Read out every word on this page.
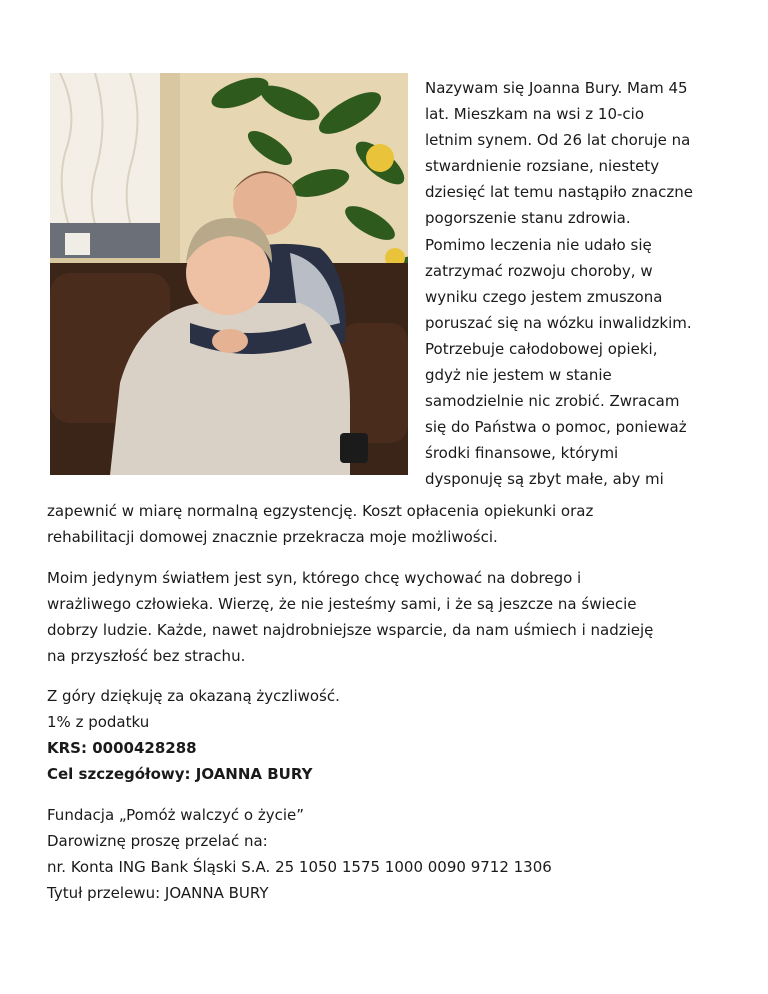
Nazywam się Joanna Bury. Mam 45
lat. Mieszkam na wsi z 10-cio
letnim synem. Od 26 lat choruje na
stwardnienie rozsiane, niestety
dziesięć lat temu nastąpiło znaczne
pogorszenie stanu zdrowia.
Pomimo leczenia nie udało się
zatrzymać rozwoju choroby, w
wyniku czego jestem zmuszona
poruszać się na wózku inwalidzkim.
Potrzebuje całodobowej opieki,
gdyż nie jestem w stanie
samodzielnie nic zrobić. Zwracam
się do Państwa o pomoc, ponieważ
środki finansowe, którymi
dysponuję są zbyt małe, aby mi
zapewnić w miarę normalną egzystencję. Koszt opłacenia opiekunki oraz
rehabilitacji domowej znacznie przekracza moje możliwości.
Moim jedynym światłem jest syn, którego chcę wychować na dobrego i
wrażliwego człowieka. Wierzę, że nie jesteśmy sami, i że są jeszcze na świecie
dobrzy ludzie. Każde, nawet najdrobniejsze wsparcie, da nam uśmiech i nadzieję
na przyszłość bez strachu.
Z góry dziękuję za okazaną życzliwość.
1% z podatku
KRS: 0000428288
Cel szczegółowy: JOANNA BURY
Fundacja „Pomóż walczyć o życie”
Darowiznę proszę przelać na:
nr. Konta ING Bank Śląski S.A. 25 1050 1575 1000 0090 9712 1306
Tytuł przelewu: JOANNA BURY
